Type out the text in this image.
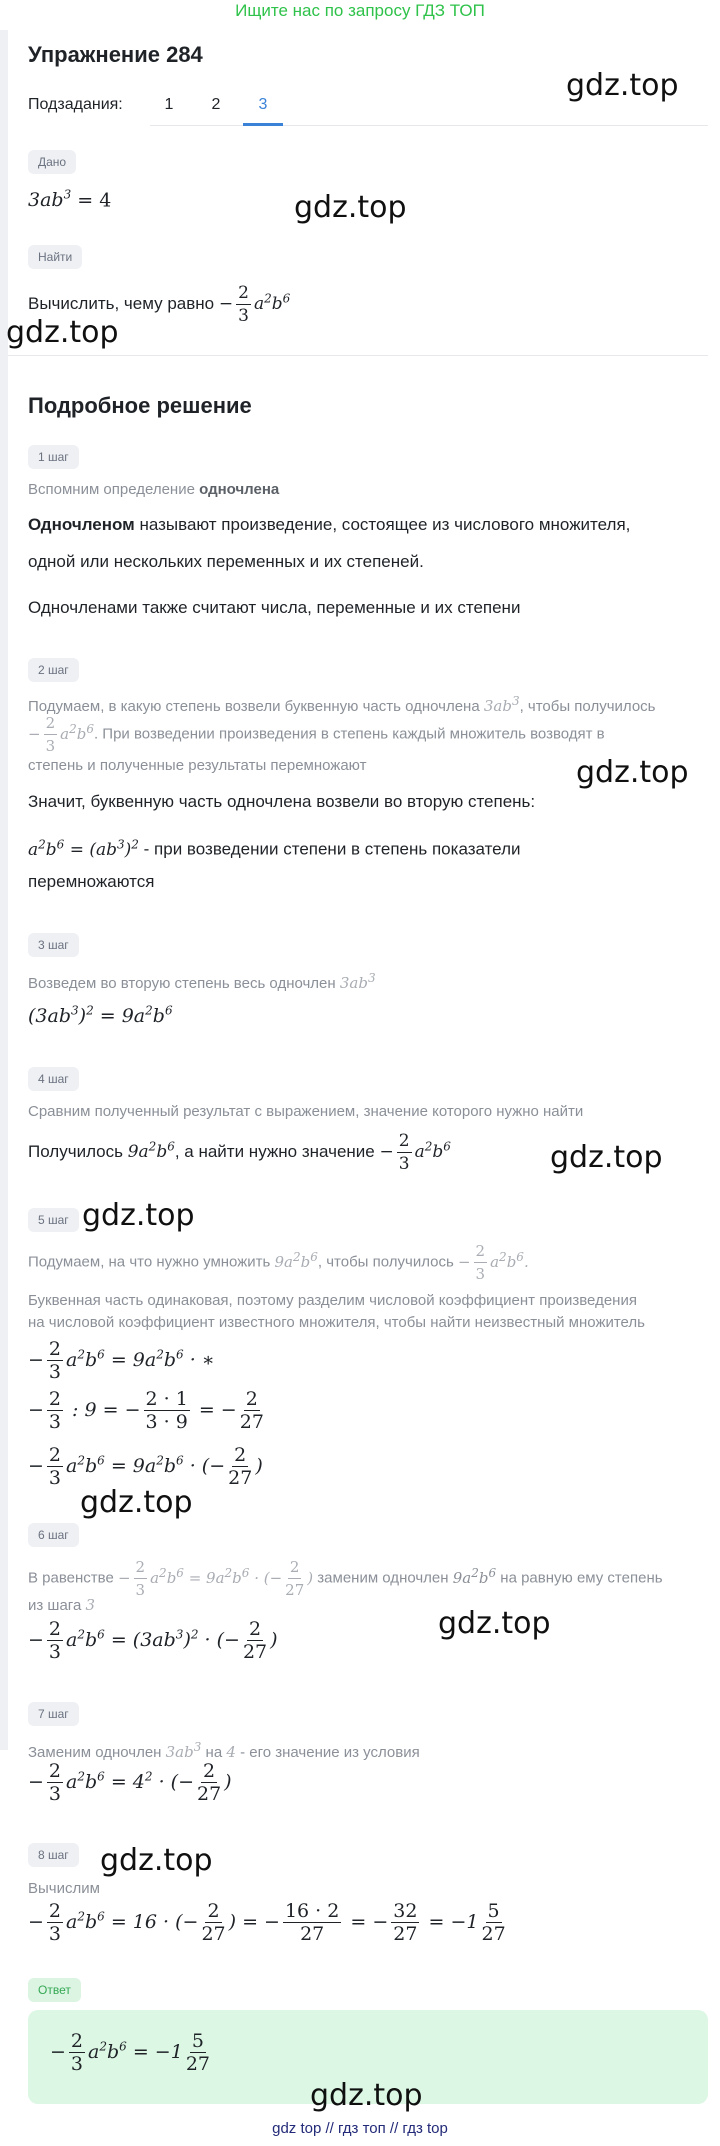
Ищите нас по запросу ГДЗ ТОП
Упражнение 284
Подзадания:	1	2	3
Дано
$3ab^3 = 4$
Найти
Вычислить, чему равно − $\frac{2}{3} a^2b^6$
Подробное решение
1 шаг
Вспомним определение одночлена
Одночленом называют произведение, состоящее из числового множителя,
одной или нескольких переменных и их степеней.
Одночленами также считают числа, переменные и их степени
2 шаг
Подумаем, в какую степень возвели буквенную часть одночлена $3ab^3$, чтобы получилось
− $\frac{2}{3} a^2b^6$. При возведении произведения в степень каждый множитель возводят в
степень и полученные результаты перемножают
Значит, буквенную часть одночлена возвели во вторую степень:
$a^2b^6 = (ab^3)^2$ - при возведении степени в степень показатели
перемножаются
3 шаг
Возведем во вторую степень весь одночлен $3ab^3$
$(3ab^3)^2 = 9a^2b^6$
4 шаг
Сравним полученный результат с выражением, значение которого нужно найти
Получилось $9a^2b^6$, а найти нужно значение − $\frac{2}{3} a^2b^6$
5 шаг
Подумаем, на что нужно умножить $9a^2b^6$, чтобы получилось − $\frac{2}{3} a^2b^6$.
Буквенная часть одинаковая, поэтому разделим числовой коэффициент произведения
на числовой коэффициент известного множителя, чтобы найти неизвестный множитель
− $\frac{2}{3} a^2b^6 = 9a^2b^6$ · ∗
− $\frac{2}{3}$ : 9 = − $\frac{2 \cdot 1}{3 \cdot 9}$ = − $\frac{2}{27}$
− $\frac{2}{3} a^2b^6 = 9a^2b^6$ · (− $\frac{2}{27}$ )
6 шаг
В равенстве − $\frac{2}{3} a^2b^6 = 9a^2b^6$ · (− $\frac{2}{27}$ ) заменим одночлен $9a^2b^6$ на равную ему степень
из шага 3
− $\frac{2}{3} a^2b^6 = (3ab^3)^2$ · (− $\frac{2}{27}$ )
7 шаг
Заменим одночлен $3ab^3$ на 4 - его значение из условия
− $\frac{2}{3} a^2b^6 = 4^2$ · (− $\frac{2}{27}$ )
8 шаг
Вычислим
− $\frac{2}{3} a^2b^6 = 16$ · (− $\frac{2}{27}$ ) = − $\frac{16 \cdot 2}{27}$ = − $\frac{32}{27} = -1 \frac{5}{27}$
Ответ
− $\frac{2}{3} a^2b^6 = -1 \frac{5}{27}$
gdz.top
gdz.top
gdz.top
gdz.top
gdz.top
gdz.top
gdz.top
gdz.top
gdz.top
gdz.top
gdz top // гдз топ // гдз top
